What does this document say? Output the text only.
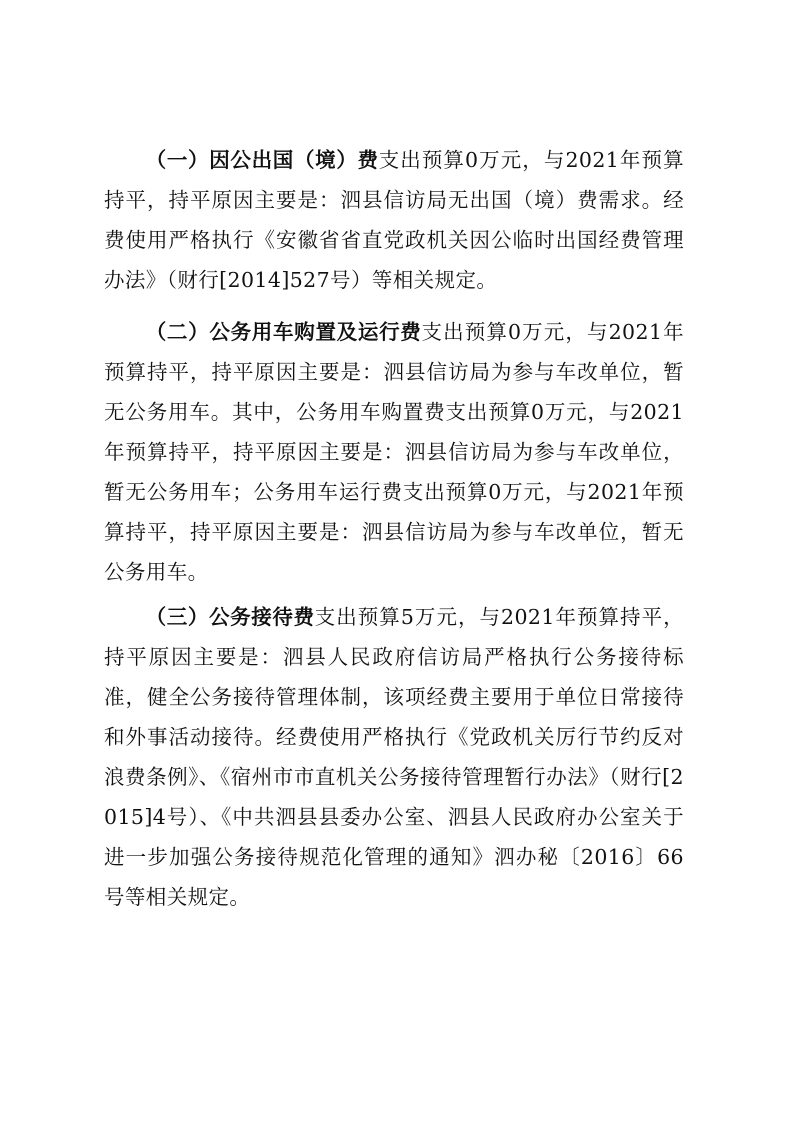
（一）因公出国（境）费支出预算0万元，与2021年预算持平，持平原因主要是：泗县信访局无出国（境）费需求。经费使用严格执行《安徽省省直党政机关因公临时出国经费管理办法》（财行[2014]527号）等相关规定。

（二）公务用车购置及运行费支出预算0万元，与2021年预算持平，持平原因主要是：泗县信访局为参与车改单位，暂无公务用车。其中，公务用车购置费支出预算0万元，与2021年预算持平，持平原因主要是：泗县信访局为参与车改单位，暂无公务用车；公务用车运行费支出预算0万元，与2021年预算持平，持平原因主要是：泗县信访局为参与车改单位，暂无公务用车。

（三）公务接待费支出预算5万元，与2021年预算持平，持平原因主要是：泗县人民政府信访局严格执行公务接待标准，健全公务接待管理体制，该项经费主要用于单位日常接待和外事活动接待。经费使用严格执行《党政机关厉行节约反对浪费条例》、《宿州市市直机关公务接待管理暂行办法》（财行[2015]4号）、《中共泗县县委办公室、泗县人民政府办公室关于进一步加强公务接待规范化管理的通知》泗办秘〔2016〕66号等相关规定。
